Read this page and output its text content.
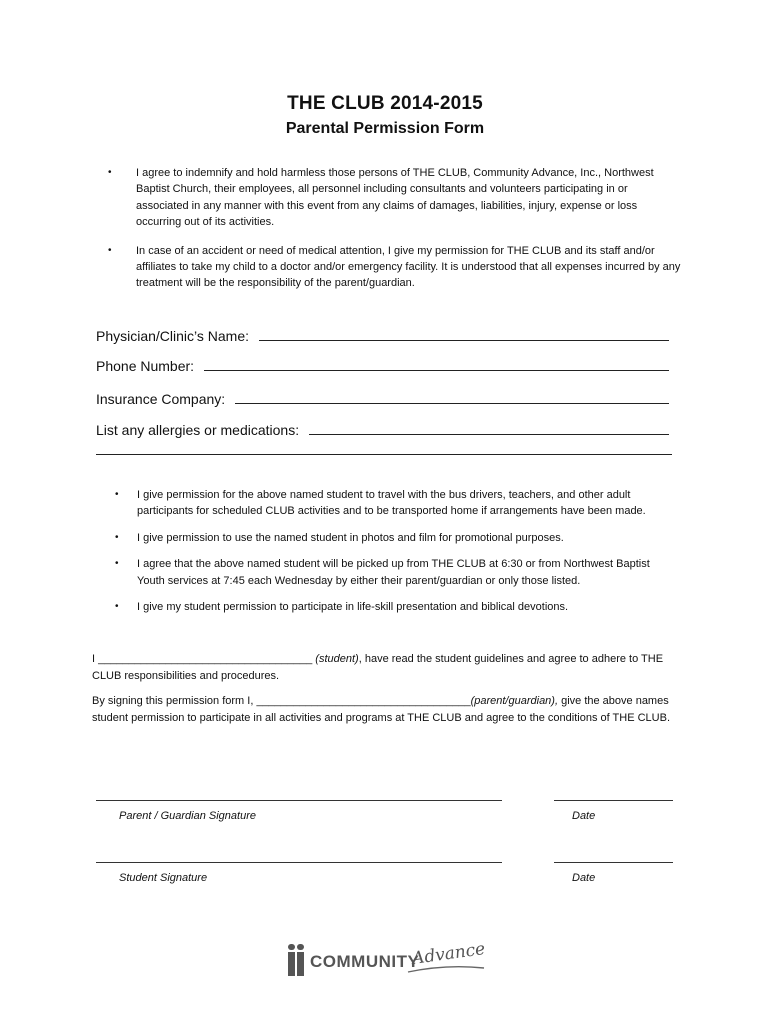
THE CLUB 2014-2015
Parental Permission Form
• I agree to indemnify and hold harmless those persons of THE CLUB, Community Advance, Inc., Northwest Baptist Church, their employees, all personnel including consultants and volunteers participating in or associated in any manner with this event from any claims of damages, liabilities, injury, expense or loss occurring out of its activities.
• In case of an accident or need of medical attention, I give my permission for THE CLUB and its staff and/or affiliates to take my child to a doctor and/or emergency facility. It is understood that all expenses incurred by any treatment will be the responsibility of the parent/guardian.
Physician/Clinic’s Name:
Phone Number:
Insurance Company:
List any allergies or medications:
• I give permission for the above named student to travel with the bus drivers, teachers, and other adult participants for scheduled CLUB activities and to be transported home if arrangements have been made.
• I give permission to use the named student in photos and film for promotional purposes.
• I agree that the above named student will be picked up from THE CLUB at 6:30 or from Northwest Baptist Youth services at 7:45 each Wednesday by either their parent/guardian or only those listed.
• I give my student permission to participate in life-skill presentation and biblical devotions.
I ___________________________________ (student), have read the student guidelines and agree to adhere to THE CLUB responsibilities and procedures.
By signing this permission form I, ___________________________________(parent/guardian), give the above names student permission to participate in all activities and programs at THE CLUB and agree to the conditions of THE CLUB.
Parent / Guardian Signature	Date
Student Signature	Date
COMMUNITY
Advance
